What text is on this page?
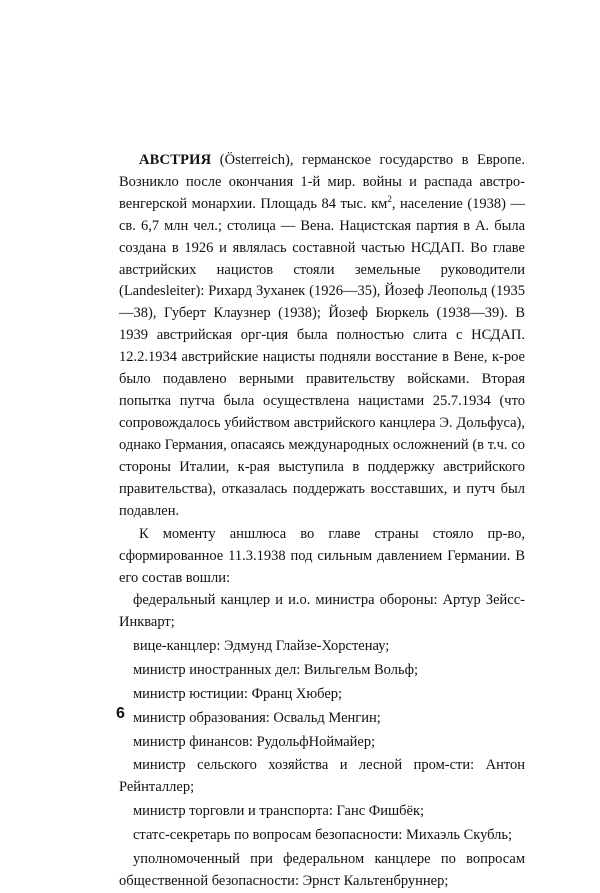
АВСТРИЯ (Österreich), германское государство в Европе. Возникло после окончания 1-й мир. войны и распада австро-венгерской монархии. Площадь 84 тыс. $км^2$, население (1938) — св. 6,7 млн чел.; столица — Вена. Нацистская партия в А. была создана в 1926 и являлась составной частью НСДАП. Во главе австрийских нацистов стояли земельные руководители (Landesleiter): Рихард Зуханек (1926—35), Йозеф Леопольд (1935—38), Губерт Клаузнер (1938); Йозеф Бюркель (1938—39). В 1939 австрийская орг-ция была полностью слита с НСДАП. 12.2.1934 австрийские нацисты подняли восстание в Вене, к-рое было подавлено верными правительству войсками. Вторая попытка путча была осуществлена нацистами 25.7.1934 (что сопровождалось убийством австрийского канцлера Э. Дольфуса), однако Германия, опасаясь международных осложнений (в т.ч. со стороны Италии, к-рая выступила в поддержку австрийского правительства), отказалась поддержать восставших, и путч был подавлен.

К моменту аншлюса во главе страны стояло пр-во, сформированное 11.3.1938 под сильным давлением Германии. В его состав вошли:

федеральный канцлер и и.о. министра обороны: Артур Зейсс-Инкварт;

вице-канцлер: Эдмунд Глайзе-Хорстенау;

министр иностранных дел: Вильгельм Вольф;

министр юстиции: Франц Хюбер;

министр образования: Освальд Менгин;

министр финансов: РудольфНоймайер;

министр сельского хозяйства и лесной пром-сти: Антон Рейнталлер;

министр торговли и транспорта: Ганс Фишбёк;

статс-секретарь по вопросам безопасности: Михаэль Скубль;

уполномоченный при федеральном канцлере по вопросам общественной безопасности: Эрнст Кальтенбруннер;

6
